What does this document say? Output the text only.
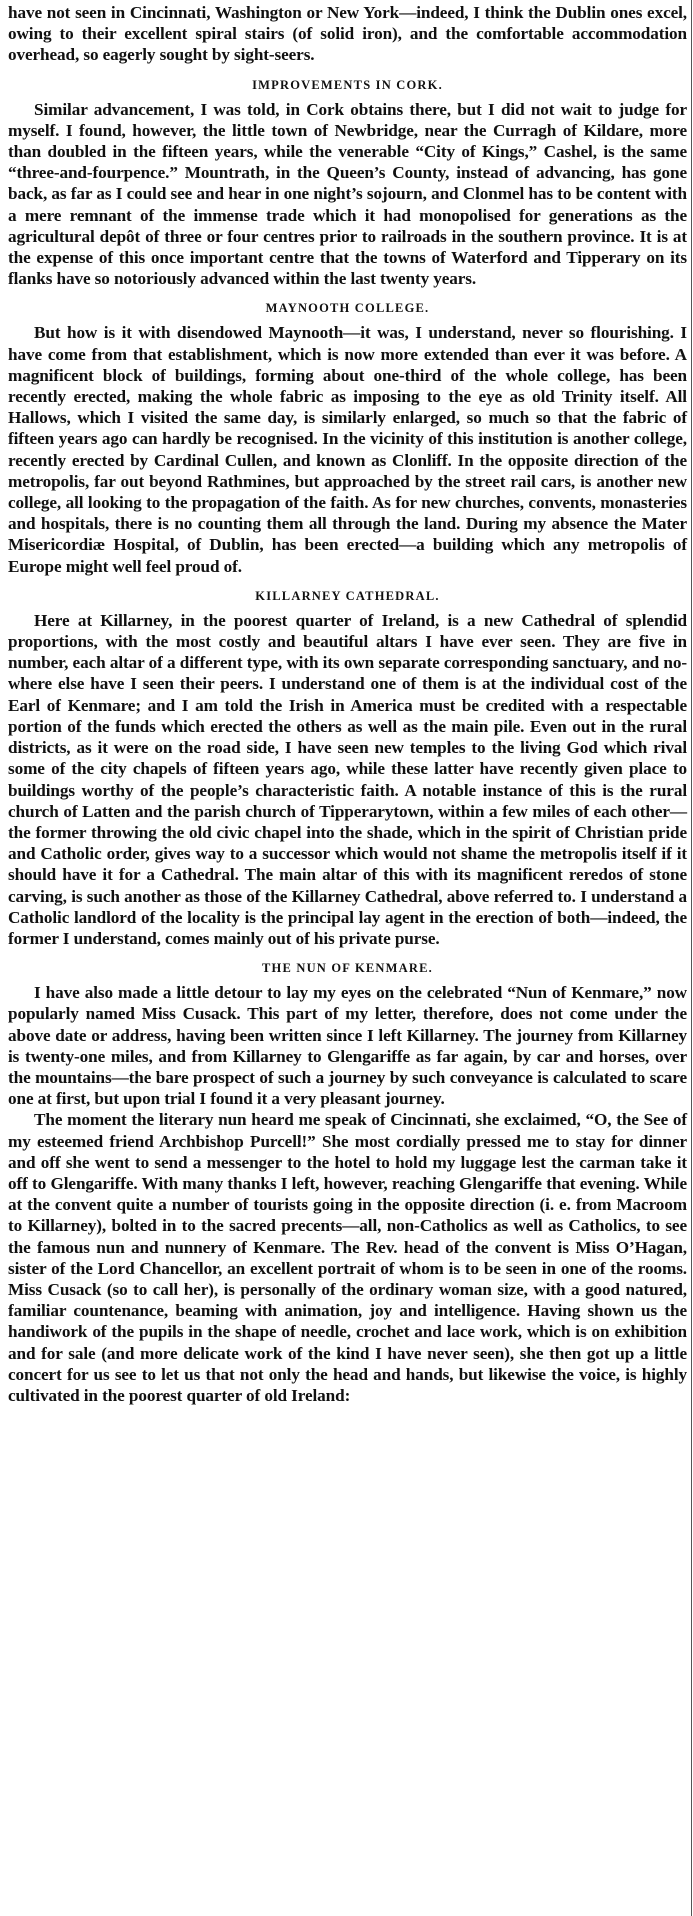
have not seen in Cincinnati, Washington or New York—indeed, I think the Dublin ones excel, owing to their excellent spiral stairs (of solid iron), and the comfortable accommodation overhead, so eagerly sought by sight-seers.

IMPROVEMENTS IN CORK.

Similar advancement, I was told, in Cork obtains there, but I did not wait to judge for myself. I found, however, the little town of Newbridge, near the Curragh of Kildare, more than doubled in the fifteen years, while the venerable “City of Kings,” Cashel, is the same “three-and-fourpence.” Mountrath, in the Queen’s County, instead of advancing, has gone back, as far as I could see and hear in one night’s sojourn, and Clonmel has to be content with a mere remnant of the immense trade which it had monopolised for generations as the agricultural depôt of three or four centres prior to railroads in the southern province. It is at the expense of this once important centre that the towns of Waterford and Tipperary on its flanks have so notoriously advanced within the last twenty years.

MAYNOOTH COLLEGE.

But how is it with disendowed Maynooth—it was, I understand, never so flourishing. I have come from that establishment, which is now more extended than ever it was before. A magnificent block of buildings, forming about one-third of the whole college, has been recently erected, making the whole fabric as imposing to the eye as old Trinity itself. All Hallows, which I visited the same day, is similarly enlarged, so much so that the fabric of fifteen years ago can hardly be recognised. In the vicinity of this institution is another college, recently erected by Cardinal Cullen, and known as Clonliff. In the opposite direction of the metropolis, far out beyond Rathmines, but approached by the street rail cars, is another new college, all looking to the propagation of the faith. As for new churches, convents, monasteries and hospitals, there is no counting them all through the land. During my absence the Mater Misericordiæ Hospital, of Dublin, has been erected—a building which any metropolis of Europe might well feel proud of.

KILLARNEY CATHEDRAL.

Here at Killarney, in the poorest quarter of Ireland, is a new Cathedral of splendid proportions, with the most costly and beautiful altars I have ever seen. They are five in number, each altar of a different type, with its own separate corresponding sanctuary, and no-where else have I seen their peers. I understand one of them is at the individual cost of the Earl of Kenmare; and I am told the Irish in America must be credited with a respectable portion of the funds which erected the others as well as the main pile. Even out in the rural districts, as it were on the road side, I have seen new temples to the living God which rival some of the city chapels of fifteen years ago, while these latter have recently given place to buildings worthy of the people’s characteristic faith. A notable instance of this is the rural church of Latten and the parish church of Tipperarytown, within a few miles of each other—the former throwing the old civic chapel into the shade, which in the spirit of Christian pride and Catholic order, gives way to a successor which would not shame the metropolis itself if it should have it for a Cathedral. The main altar of this with its magnificent reredos of stone carving, is such another as those of the Killarney Cathedral, above referred to. I understand a Catholic landlord of the locality is the principal lay agent in the erection of both—indeed, the former I understand, comes mainly out of his private purse.

THE NUN OF KENMARE.

I have also made a little detour to lay my eyes on the celebrated “Nun of Kenmare,” now popularly named Miss Cusack. This part of my letter, therefore, does not come under the above date or address, having been written since I left Killarney. The journey from Killarney is twenty-one miles, and from Killarney to Glengariffe as far again, by car and horses, over the mountains—the bare prospect of such a journey by such conveyance is calculated to scare one at first, but upon trial I found it a very pleasant journey.

The moment the literary nun heard me speak of Cincinnati, she exclaimed, “O, the See of my esteemed friend Archbishop Purcell!” She most cordially pressed me to stay for dinner and off she went to send a messenger to the hotel to hold my luggage lest the carman take it off to Glengariffe. With many thanks I left, however, reaching Glengariffe that evening. While at the convent quite a number of tourists going in the opposite direction (i. e. from Macroom to Killarney), bolted in to the sacred precents—all, non-Catholics as well as Catholics, to see the famous nun and nunnery of Kenmare. The Rev. head of the convent is Miss O’Hagan, sister of the Lord Chancellor, an excellent portrait of whom is to be seen in one of the rooms. Miss Cusack (so to call her), is personally of the ordinary woman size, with a good natured, familiar countenance, beaming with animation, joy and intelligence. Having shown us the handiwork of the pupils in the shape of needle, crochet and lace work, which is on exhibition and for sale (and more delicate work of the kind I have never seen), she then got up a little concert for us see to let us that not only the head and hands, but likewise the voice, is highly cultivated in the poorest quarter of old Ireland:
